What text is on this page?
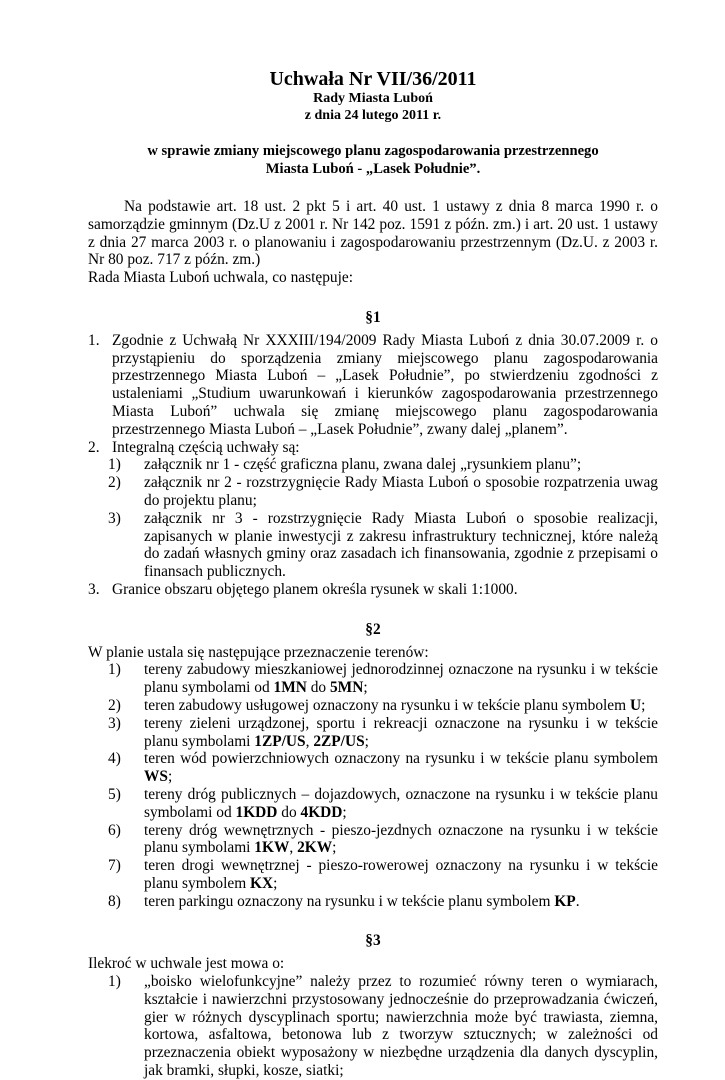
Uchwała Nr VII/36/2011
Rady Miasta Luboń
z dnia 24 lutego 2011 r.
w sprawie zmiany miejscowego planu zagospodarowania przestrzennego
Miasta Luboń - „Lasek Południe”.
Na podstawie art. 18 ust. 2 pkt 5 i art. 40 ust. 1 ustawy z dnia 8 marca 1990 r. o samorządzie gminnym (Dz.U z 2001 r. Nr 142 poz. 1591 z późn. zm.) i art. 20 ust. 1 ustawy z dnia 27 marca 2003 r. o planowaniu i zagospodarowaniu przestrzennym (Dz.U. z 2003 r. Nr 80 poz. 717 z późn. zm.)
Rada Miasta Luboń uchwala, co następuje:
§1
1. Zgodnie z Uchwałą Nr XXXIII/194/2009 Rady Miasta Luboń z dnia 30.07.2009 r. o przystąpieniu do sporządzenia zmiany miejscowego planu zagospodarowania przestrzennego Miasta Luboń – „Lasek Południe”, po stwierdzeniu zgodności z ustaleniami „Studium uwarunkowań i kierunków zagospodarowania przestrzennego Miasta Luboń” uchwala się zmianę miejscowego planu zagospodarowania przestrzennego Miasta Luboń – „Lasek Południe”, zwany dalej „planem”.
2. Integralną częścią uchwały są:
1)	załącznik nr 1 - część graficzna planu, zwana dalej „rysunkiem planu”;
2)	załącznik nr 2 - rozstrzygnięcie Rady Miasta Luboń o sposobie rozpatrzenia uwag do projektu planu;
3)	załącznik nr 3 - rozstrzygnięcie Rady Miasta Luboń o sposobie realizacji, zapisanych w planie inwestycji z zakresu infrastruktury technicznej, które należą do zadań własnych gminy oraz zasadach ich finansowania, zgodnie z przepisami o finansach publicznych.
3. Granice obszaru objętego planem określa rysunek w skali 1:1000.
§2
W planie ustala się następujące przeznaczenie terenów:
1)	tereny zabudowy mieszkaniowej jednorodzinnej oznaczone na rysunku i w tekście planu symbolami od 1MN do 5MN;
2)	teren zabudowy usługowej oznaczony na rysunku i w tekście planu symbolem U;
3)	tereny zieleni urządzonej, sportu i rekreacji oznaczone na rysunku i w tekście planu symbolami 1ZP/US, 2ZP/US;
4)	teren wód powierzchniowych oznaczony na rysunku i w tekście planu symbolem WS;
5)	tereny dróg publicznych – dojazdowych, oznaczone na rysunku i w tekście planu symbolami od 1KDD do 4KDD;
6)	tereny dróg wewnętrznych - pieszo-jezdnych oznaczone na rysunku i w tekście planu symbolami 1KW, 2KW;
7)	teren drogi wewnętrznej - pieszo-rowerowej oznaczony na rysunku i w tekście planu symbolem KX;
8)	teren parkingu oznaczony na rysunku i w tekście planu symbolem KP.
§3
Ilekroć w uchwale jest mowa o:
1)	„boisko wielofunkcyjne” należy przez to rozumieć równy teren o wymiarach, kształcie i nawierzchni przystosowany jednocześnie do przeprowadzania ćwiczeń, gier w różnych dyscyplinach sportu; nawierzchnia może być trawiasta, ziemna, kortowa, asfaltowa, betonowa lub z tworzyw sztucznych; w zależności od przeznaczenia obiekt wyposażony w niezbędne urządzenia dla danych dyscyplin, jak bramki, słupki, kosze, siatki;
